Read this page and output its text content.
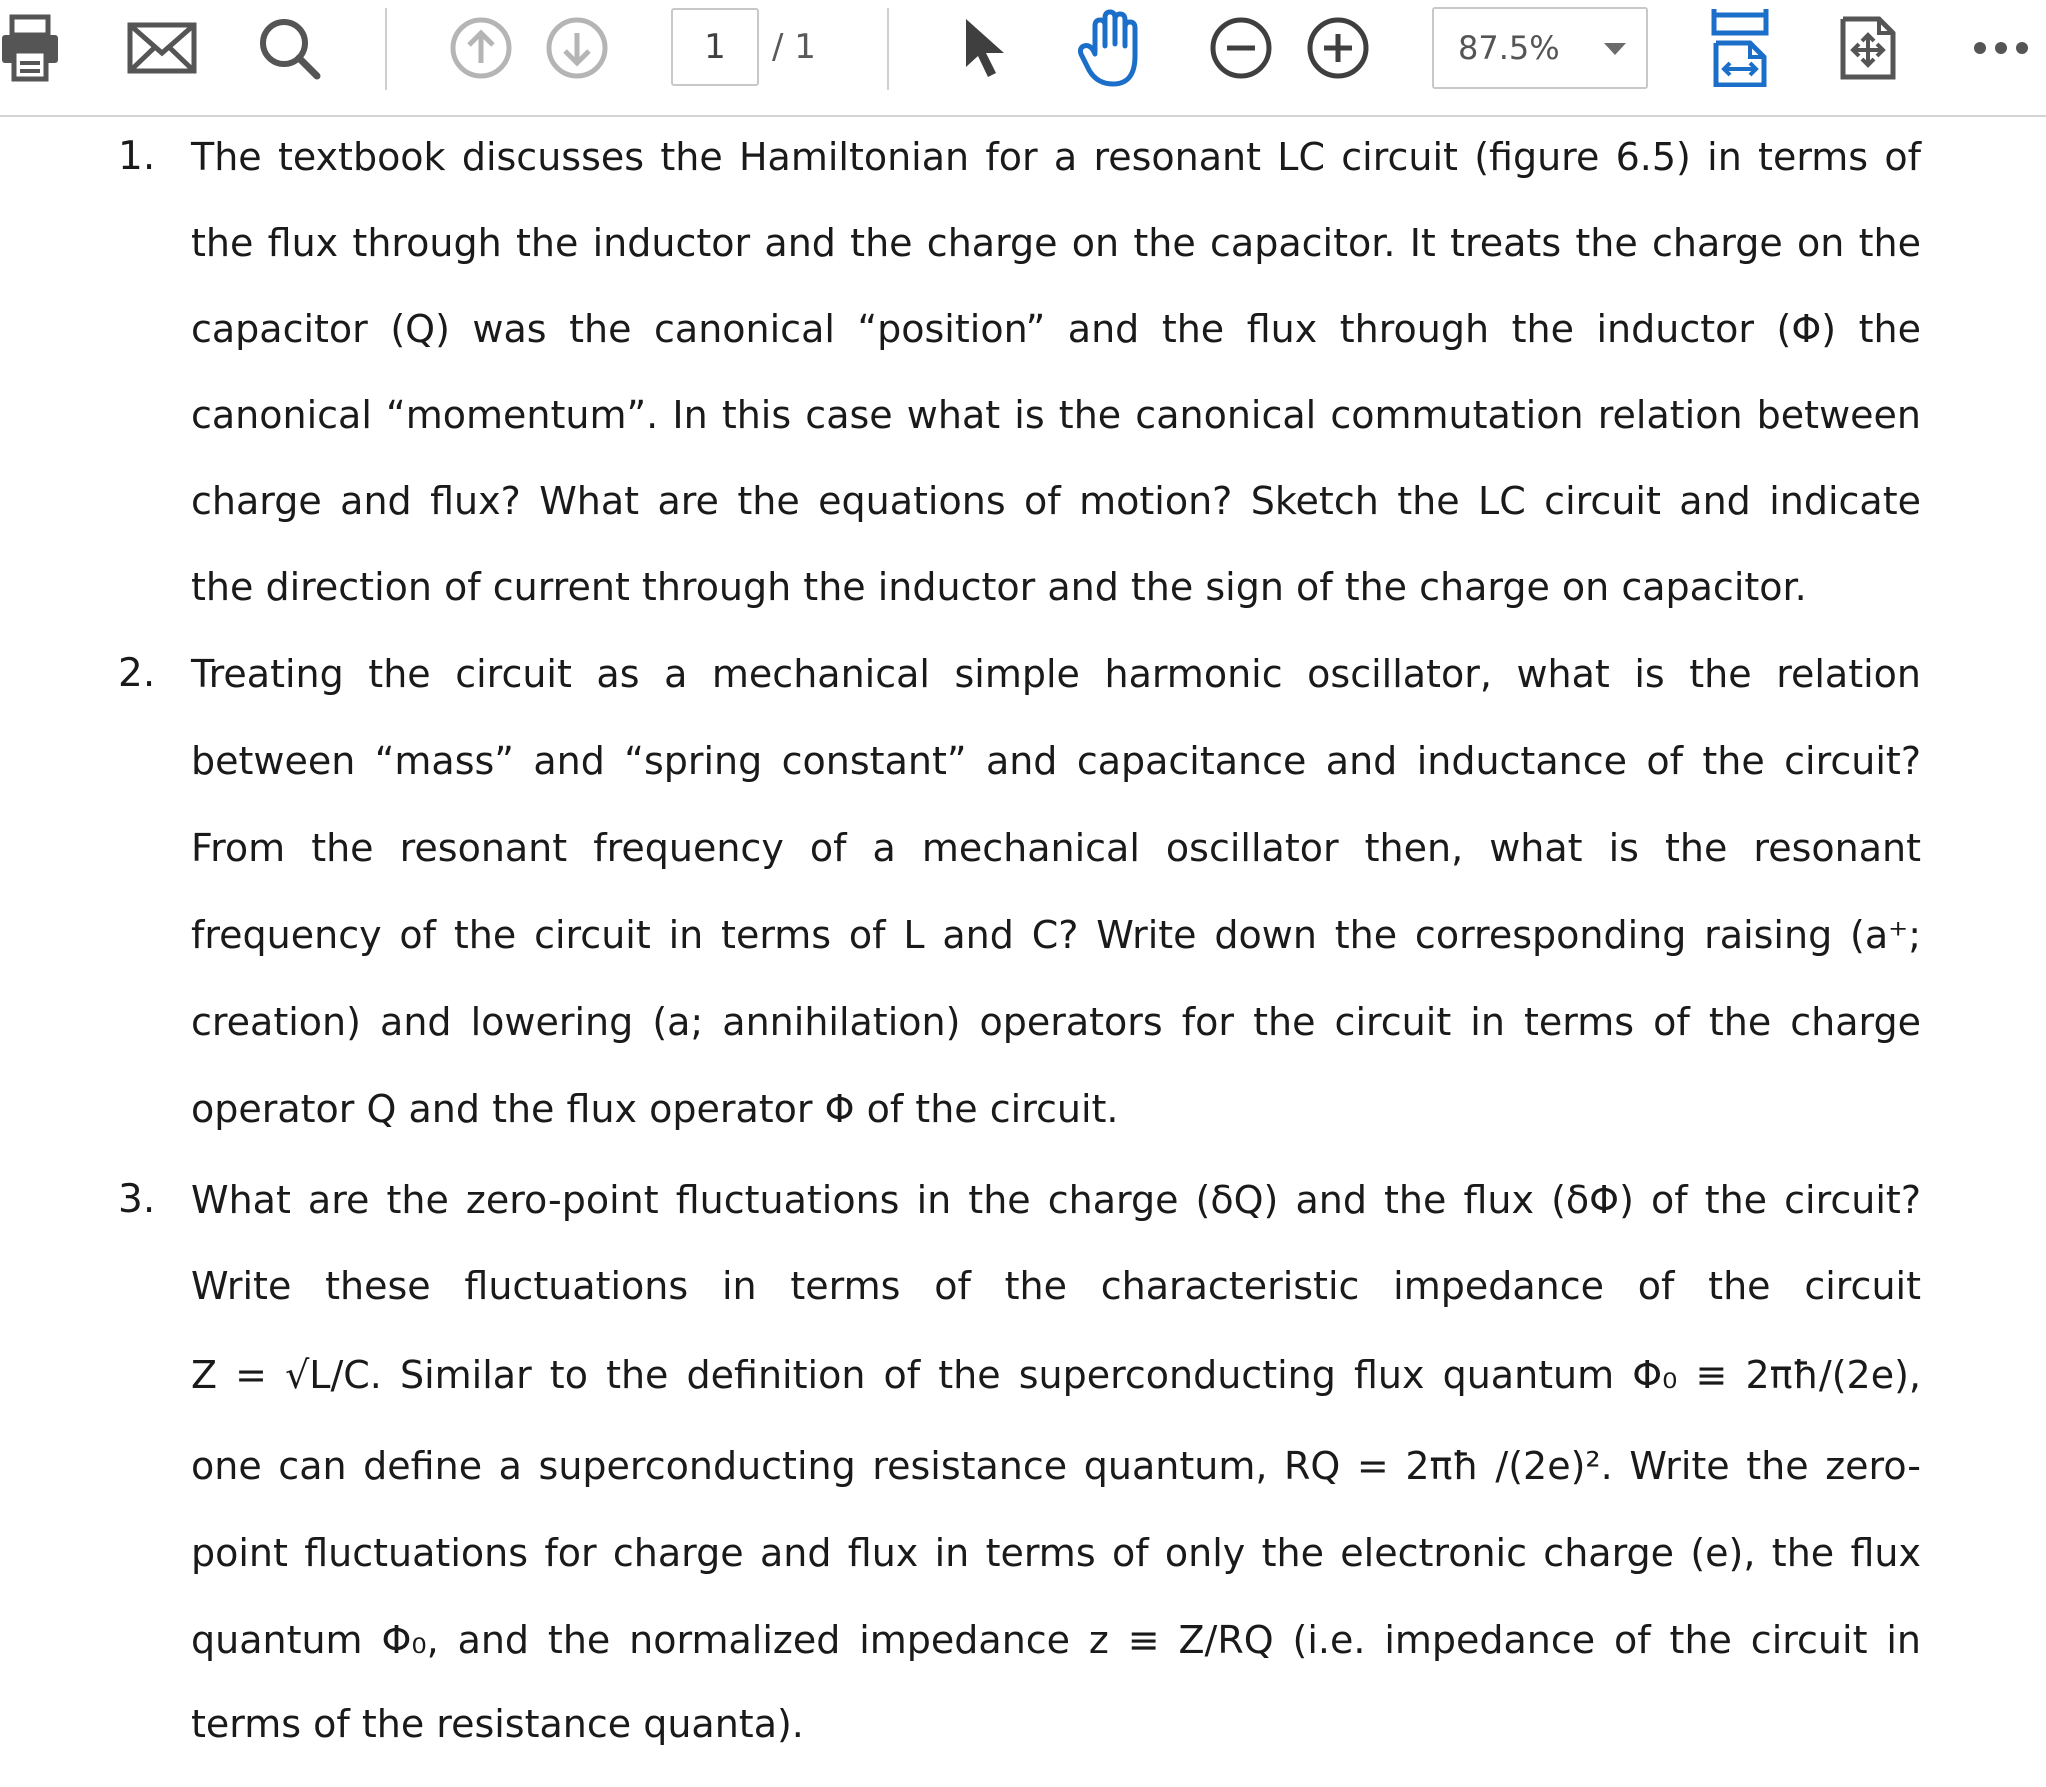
1	/ 1	87.5%
1. The textbook discusses the Hamiltonian for a resonant LC circuit (figure 6.5) in terms of
the flux through the inductor and the charge on the capacitor. It treats the charge on the
capacitor (Q) was the canonical “position” and the flux through the inductor (Φ) the
canonical “momentum”. In this case what is the canonical commutation relation between
charge and flux? What are the equations of motion? Sketch the LC circuit and indicate
the direction of current through the inductor and the sign of the charge on capacitor.
2. Treating the circuit as a mechanical simple harmonic oscillator, what is the relation
between “mass” and “spring constant” and capacitance and inductance of the circuit?
From the resonant frequency of a mechanical oscillator then, what is the resonant
frequency of the circuit in terms of L and C? Write down the corresponding raising (a⁺;
creation) and lowering (a; annihilation) operators for the circuit in terms of the charge
operator Q and the flux operator Φ of the circuit.
3. What are the zero-point fluctuations in the charge (δQ) and the flux (δΦ) of the circuit?
Write these fluctuations in terms of the characteristic impedance of the circuit
Z = √L/C. Similar to the definition of the superconducting flux quantum Φ₀ ≡ 2πħ/(2e),
one can define a superconducting resistance quantum, RQ = 2πħ /(2e)². Write the zero-
point fluctuations for charge and flux in terms of only the electronic charge (e), the flux
quantum Φ₀, and the normalized impedance z ≡ Z/RQ (i.e. impedance of the circuit in
terms of the resistance quanta).
